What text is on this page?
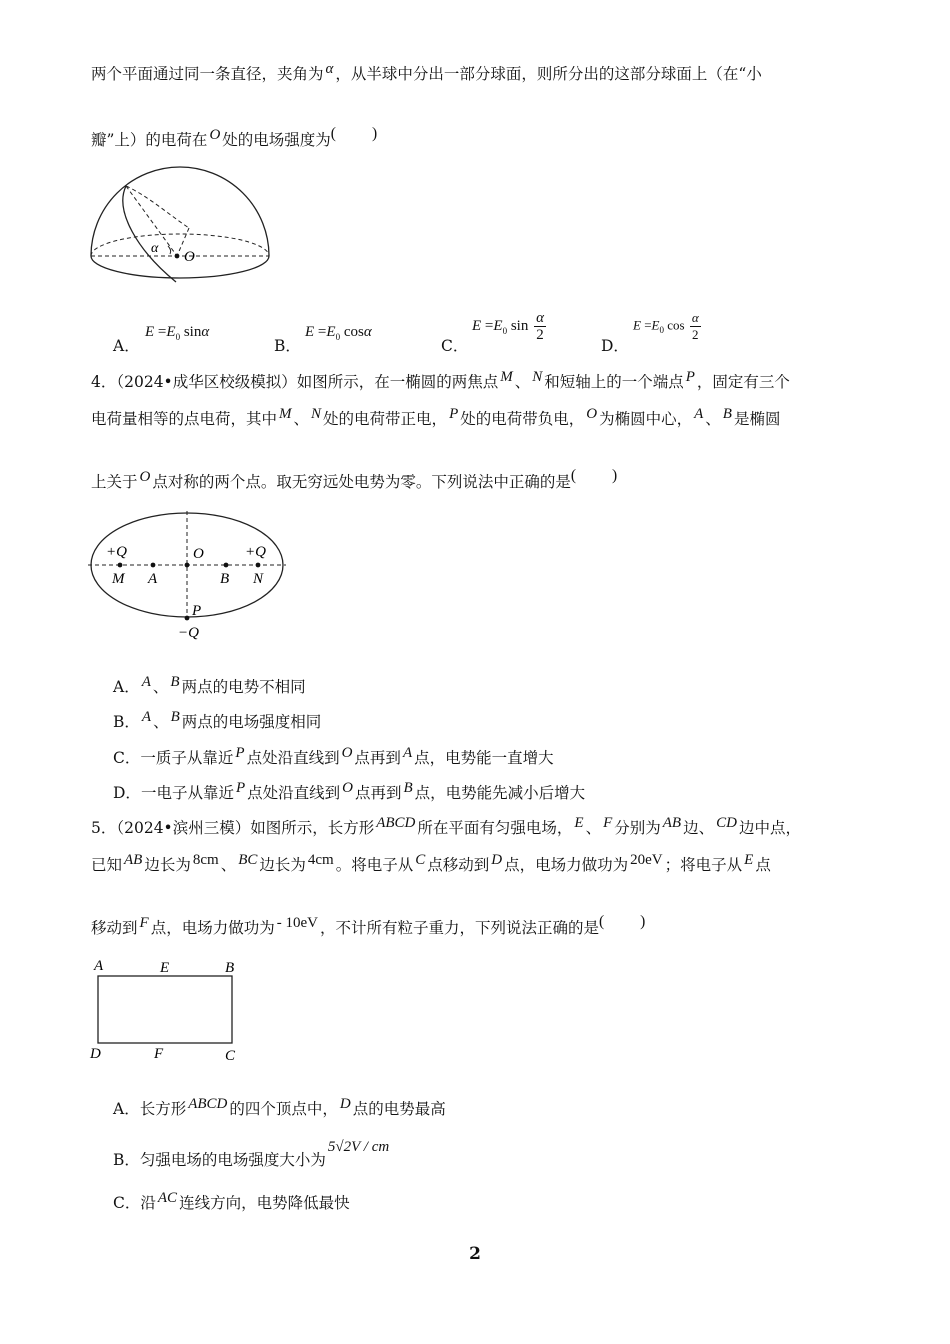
两个平面通过同一条直径，夹角为 α ，从半球中分出一部分球面，则所分出的这部分球面上（在“小
瓣”上）的电荷在 O 处的电场强度为( )
α
O
A．
$E =E_0$ sinα
B．
$E =E_0$ cosα
C．
$E =E_0$ $\sin \frac{\alpha}{2}$
D．
$E =E_0$ $\cos \frac{\alpha}{2}$
4．（2024•成华区校级模拟）如图所示，在一椭圆的两焦点 M 、 N 和短轴上的一个端点 P ，固定有三个
电荷量相等的点电荷，其中 M 、 N 处的电荷带正电， P 处的电荷带负电， O 为椭圆中心， A 、 B 是椭圆
上关于 O 点对称的两个点。取无穷远处电势为零。下列说法中正确的是( )
+Q	+Q
M A
O
B N
P
−Q
A． A 、 B 两点的电势不相同
B． A 、 B 两点的电场强度相同
C．一质子从靠近 P 点处沿直线到 O 点再到 A 点，电势能一直增大
D．一电子从靠近 P 点处沿直线到 O 点再到 B 点，电势能先减小后增大
5．（2024•滨州三模）如图所示，长方形 ABCD 所在平面有匀强电场， E 、 F 分别为 AB 边、 CD 边中点，
已知 AB 边长为 8cm 、 BC 边长为 4cm 。将电子从 C 点移动到 D 点，电场力做功为 20eV ；将电子从 E 点
移动到 F 点，电场力做功为 - 10eV ，不计所有粒子重力，下列说法正确的是( )
A	E	B
D	F	C
A．长方形 ABCD 的四个顶点中， D 点的电势最高
B．匀强电场的电场强度大小为5√2V / cm
C．沿 AC 连线方向，电势降低最快
2
